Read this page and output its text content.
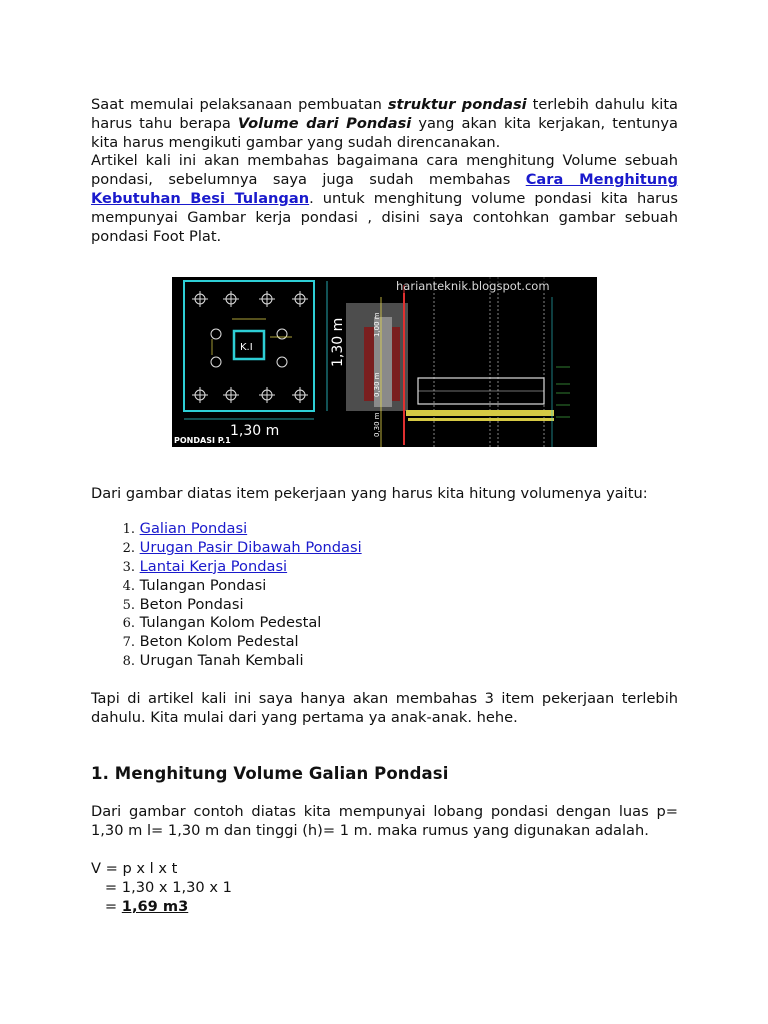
Saat memulai pelaksanaan pembuatan struktur pondasi terlebih dahulu kita harus tahu berapa Volume dari Pondasi yang akan kita kerjakan, tentunya kita harus mengikuti gambar yang sudah direncanakan.

Artikel kali ini akan membahas bagaimana cara menghitung Volume sebuah pondasi, sebelumnya saya juga sudah membahas Cara Menghitung Kebutuhan Besi Tulangan. untuk menghitung volume pondasi kita harus mempunyai Gambar kerja pondasi , disini saya contohkan gambar sebuah pondasi Foot Plat.

K.I
1,30 m
PONDASI P.1
1,30 m	1,00 m
0,30 m
0,30 m
harianteknik.blogspot.com

Dari gambar diatas item pekerjaan yang harus kita hitung volumenya yaitu:

1. Galian Pondasi
2. Urugan Pasir Dibawah Pondasi
3. Lantai Kerja Pondasi
4. Tulangan Pondasi
5. Beton Pondasi
6. Tulangan Kolom Pedestal
7. Beton Kolom Pedestal
8. Urugan Tanah Kembali

Tapi di artikel kali ini saya hanya akan membahas 3 item pekerjaan terlebih dahulu. Kita mulai dari yang pertama ya anak-anak. hehe.

1. Menghitung Volume Galian Pondasi

Dari gambar contoh diatas kita mempunyai lobang pondasi dengan luas p= 1,30 m l= 1,30 m dan tinggi (h)= 1 m. maka rumus yang digunakan adalah.

V = p x l x t
= 1,30 x 1,30 x 1
= 1,69 m3
